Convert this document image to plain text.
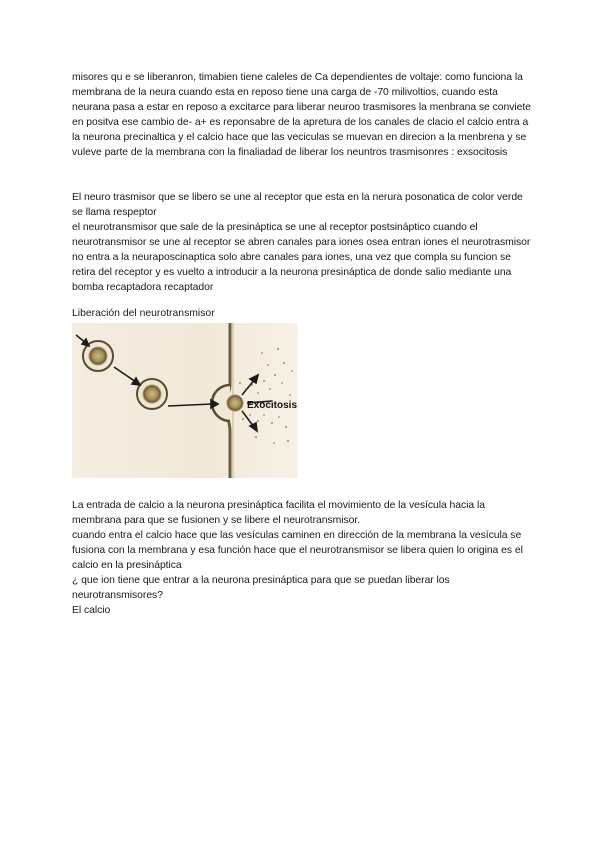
misores qu e se liberanron, timabien tiene caleles de Ca dependientes de voltaje: como funciona la membrana de la neura cuando esta en reposo tiene una carga de -70 milivoltios, cuando esta neurana pasa a estar en reposo a excitarce para liberar neuroo trasmisores la menbrana se conviete en positva ese cambio de- a+ es reponsabre de la apretura de los canales de clacio el calcio entra a la neurona precinaltica y el calcio hace que las veciculas se muevan en direcion a la menbrena y se vuleve parte de la membrana con la finaliadad de liberar los neuntros trasmisonres : exsocitosis

El neuro trasmisor que se libero se une al receptor que esta en la nerura posonatica de color verde se llama respeptor

el neurotransmisor que sale de la presináptica se une al receptor postsináptico cuando el neurotransmisor se une al receptor se abren canales para iones osea entran iones el neurotrasmisor no entra a la neuraposcinaptica solo abre canales para iones, una vez que compla su funcion se retira del receptor y es vuelto a introducir a la neurona presináptica de donde salio mediante una bomba recaptadora recaptador

Liberación del neurotransmisor
Exocitosis

La entrada de calcio a la neurona presináptica facilita el movimiento de la vesícula hacia la membrana para que se fusionen y se libere el neurotransmisor.

cuando entra el calcio hace que las vesículas caminen en dirección de la membrana la vesícula se fusiona con la membrana y esa función hace que el neurotransmisor se libera quien lo origina es el calcio en la presináptica

¿ que ion tiene que entrar a la neurona presináptica para que se puedan liberar los neurotransmisores?

El calcio
